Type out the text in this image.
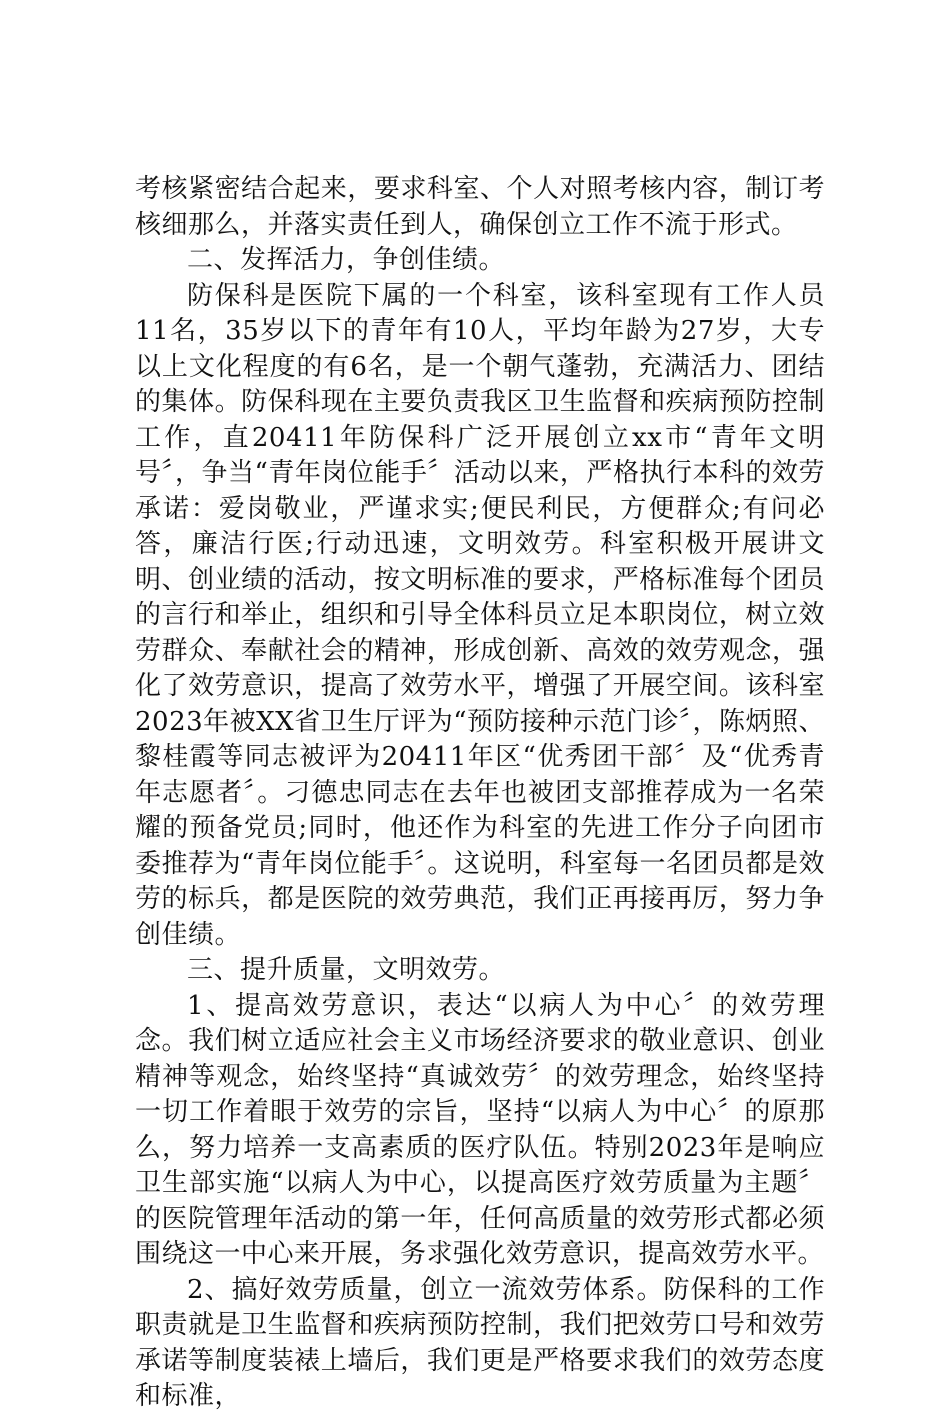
考核紧密结合起来，要求科室、个人对照考核内容，制订考核细那么，并落实责任到人，确保创立工作不流于形式。

二、发挥活力，争创佳绩。

防保科是医院下属的一个科室，该科室现有工作人员11名，35岁以下的青年有10人，平均年龄为27岁，大专以上文化程度的有6名，是一个朝气蓬勃，充满活力、团结的集体。防保科现在主要负责我区卫生监督和疾病预防控制工作，直20411年防保科广泛开展创立xx市“青年文明号〞，争当“青年岗位能手〞活动以来，严格执行本科的效劳承诺：爱岗敬业，严谨求实;便民利民，方便群众;有问必答，廉洁行医;行动迅速，文明效劳。科室积极开展讲文明、创业绩的活动，按文明标准的要求，严格标准每个团员的言行和举止，组织和引导全体科员立足本职岗位，树立效劳群众、奉献社会的精神，形成创新、高效的效劳观念，强化了效劳意识，提高了效劳水平，增强了开展空间。该科室2023年被XX省卫生厅评为“预防接种示范门诊〞，陈炳照、黎桂霞等同志被评为20411年区“优秀团干部〞及“优秀青年志愿者〞。刁德忠同志在去年也被团支部推荐成为一名荣耀的预备党员;同时，他还作为科室的先进工作分子向团市委推荐为“青年岗位能手〞。这说明，科室每一名团员都是效劳的标兵，都是医院的效劳典范，我们正再接再厉，努力争创佳绩。

三、提升质量，文明效劳。

1、提高效劳意识，表达“以病人为中心〞的效劳理念。我们树立适应社会主义市场经济要求的敬业意识、创业精神等观念，始终坚持“真诚效劳〞的效劳理念，始终坚持一切工作着眼于效劳的宗旨，坚持“以病人为中心〞的原那么，努力培养一支高素质的医疗队伍。特别2023年是响应卫生部实施“以病人为中心，以提高医疗效劳质量为主题〞的医院管理年活动的第一年，任何高质量的效劳形式都必须围绕这一中心来开展，务求强化效劳意识，提高效劳水平。

2、搞好效劳质量，创立一流效劳体系。防保科的工作职责就是卫生监督和疾病预防控制，我们把效劳口号和效劳承诺等制度装裱上墙后，我们更是严格要求我们的效劳态度和标准，
